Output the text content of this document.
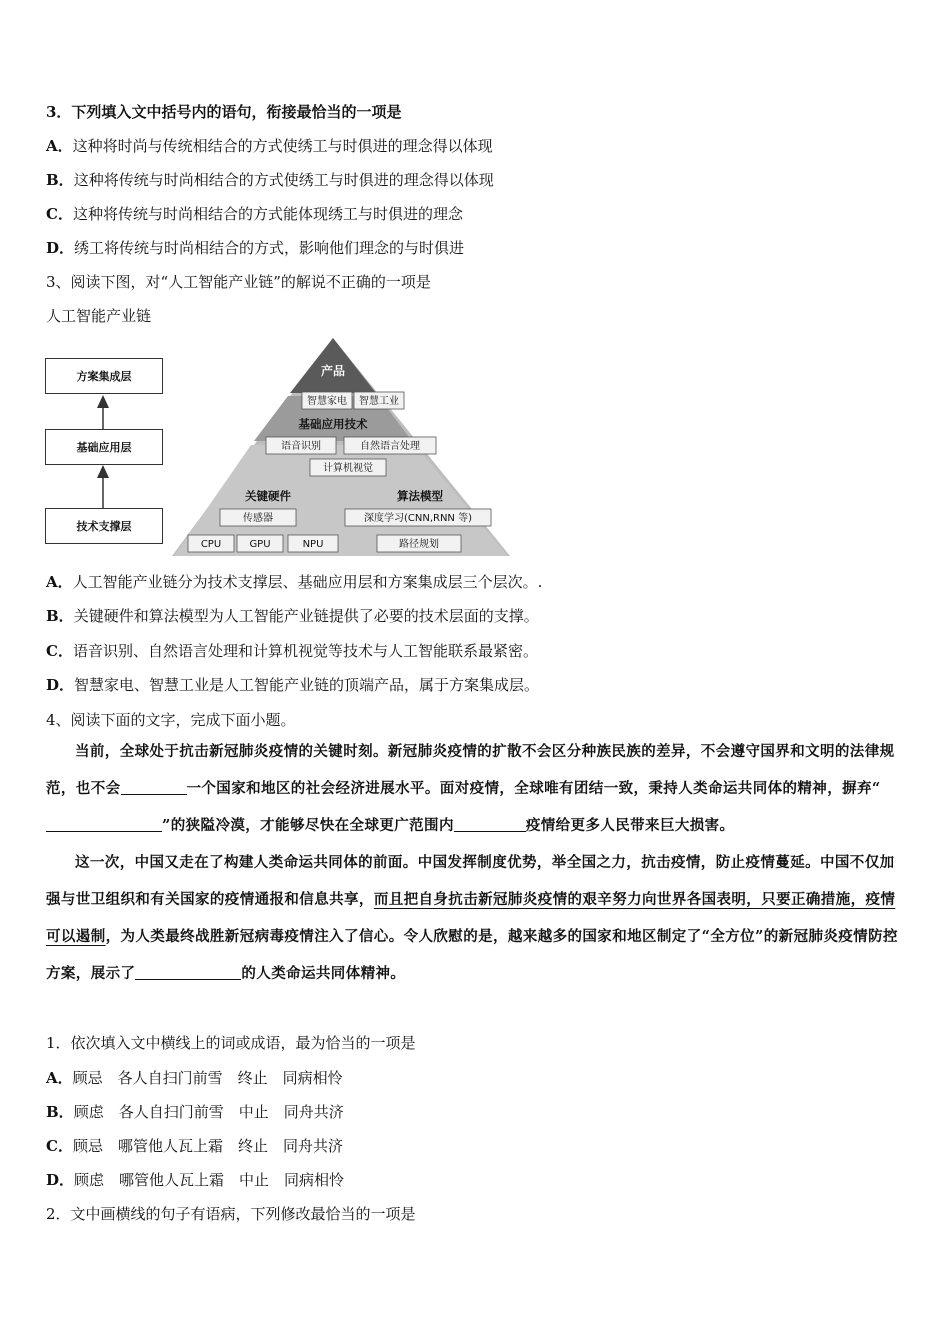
3．下列填入文中括号内的语句，衔接最恰当的一项是
A．这种将时尚与传统相结合的方式使绣工与时俱进的理念得以体现
B．这种将传统与时尚相结合的方式使绣工与时俱进的理念得以体现
C．这种将传统与时尚相结合的方式能体现绣工与时俱进的理念
D．绣工将传统与时尚相结合的方式，影响他们理念的与时俱进
3、阅读下图，对“人工智能产业链”的解说不正确的一项是
人工智能产业链
方案集成层
基础应用层
技术支撑层
产品
智慧家电 智慧工业
基础应用技术
语音识别	自然语言处理
计算机视觉
关键硬件	算法模型
传感器	深度学习(CNN,RNN 等)
CPU	GPU	NPU	路径规划
A．人工智能产业链分为技术支撑层、基础应用层和方案集成层三个层次。.
B．关键硬件和算法模型为人工智能产业链提供了必要的技术层面的支撑。
C．语音识别、自然语言处理和计算机视觉等技术与人工智能联系最紧密。
D．智慧家电、智慧工业是人工智能产业链的顶端产品，属于方案集成层。
4、阅读下面的文字，完成下面小题。

当前，全球处于抗击新冠肺炎疫情的关键时刻。新冠肺炎疫情的扩散不会区分种族民族的差异，不会遵守国界和文明的法律规范，也不会	一个国家和地区的社会经济进展水平。面对疫情，全球唯有团结一致，秉持人类命运共同体的精神，摒弃“”的狭隘冷漠，才能够尽快在全球更广范围内	疫情给更多人民带来巨大损害。

这一次，中国又走在了构建人类命运共同体的前面。中国发挥制度优势，举全国之力，抗击疫情，防止疫情蔓延。中国不仅加强与世卫组织和有关国家的疫情通报和信息共享，而且把自身抗击新冠肺炎疫情的艰辛努力向世界各国表明，只要正确措施，疫情可以遏制，为人类最终战胜新冠病毒疫情注入了信心。令人欣慰的是，越来越多的国家和地区制定了“全方位”的新冠肺炎疫情防控方案，展示了	的人类命运共同体精神。

1．依次填入文中横线上的词或成语，最为恰当的一项是
A．顾忌　各人自扫门前雪　终止　同病相怜
B．顾虑　各人自扫门前雪　中止　同舟共济
C．顾忌　哪管他人瓦上霜　终止　同舟共济
D．顾虑　哪管他人瓦上霜　中止　同病相怜
2．文中画横线的句子有语病，下列修改最恰当的一项是
